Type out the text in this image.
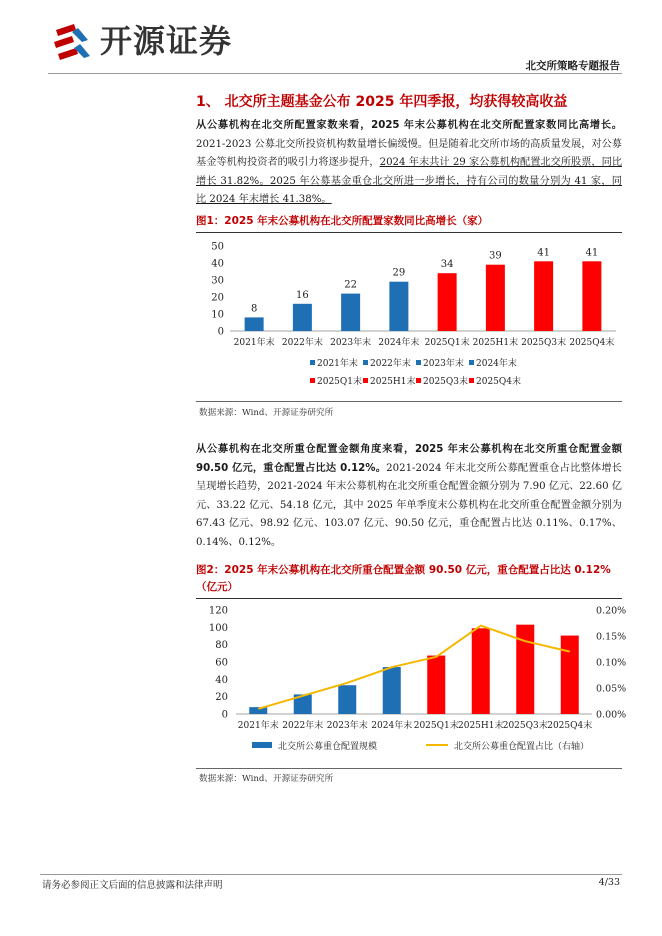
开源证券
北交所策略专题报告
1、 北交所主题基金公布 2025 年四季报，均获得较高收益
从公募机构在北交所配置家数来看，2025 年末公募机构在北交所配置家数同比高增长。2021-2023 公募北交所投资机构数量增长偏缓慢。但是随着北交所市场的高质量发展，对公募基金等机构投资者的吸引力将逐步提升，2024 年末共计 29 家公募机构配置北交所股票，同比增长 31.82%。2025 年公募基金重仓北交所进一步增长，持有公司的数量分别为 41 家，同比 2024 年末增长 41.38%。
图1：2025 年末公募机构在北交所配置家数同比高增长（家）
0
10
20
30
40
50
8
2021年末
16
2022年末
22
2023年末
29
2024年末
34
2025Q1末
39
2025H1末
41
2025Q3末
41
2025Q4末
2021年末 2022年末 2023年末 2024年末
2025Q1末 2025H1末 2025Q3末 2025Q4末
数据来源：Wind、开源证券研究所
从公募机构在北交所重仓配置金额角度来看，2025 年末公募机构在北交所重仓配置金额 90.50 亿元，重仓配置占比达 0.12%。2021-2024 年末北交所公募配置重仓占比整体增长呈现增长趋势，2021-2024 年末公募机构在北交所重仓配置金额分别为 7.90 亿元、22.60 亿元、33.22 亿元、54.18 亿元，其中 2025 年单季度末公募机构在北交所重仓配置金额分别为 67.43 亿元、98.92 亿元、103.07 亿元、90.50 亿元，重仓配置占比达 0.11%、0.17%、0.14%、0.12%。
图2：2025 年末公募机构在北交所重仓配置金额 90.50 亿元，重仓配置占比达 0.12%（亿元）
0
20
40
60
80
100
120
0.00%
0.05%
0.10%
0.15%
0.20%
2021年末 2022年末 2023年末 2024年末 2025Q1末 2025H1末 2025Q3末 2025Q4末
北交所公募重仓配置规模	北交所公募重仓配置占比（右轴）
数据来源：Wind、开源证券研究所
请务必参阅正文后面的信息披露和法律声明	4/33
